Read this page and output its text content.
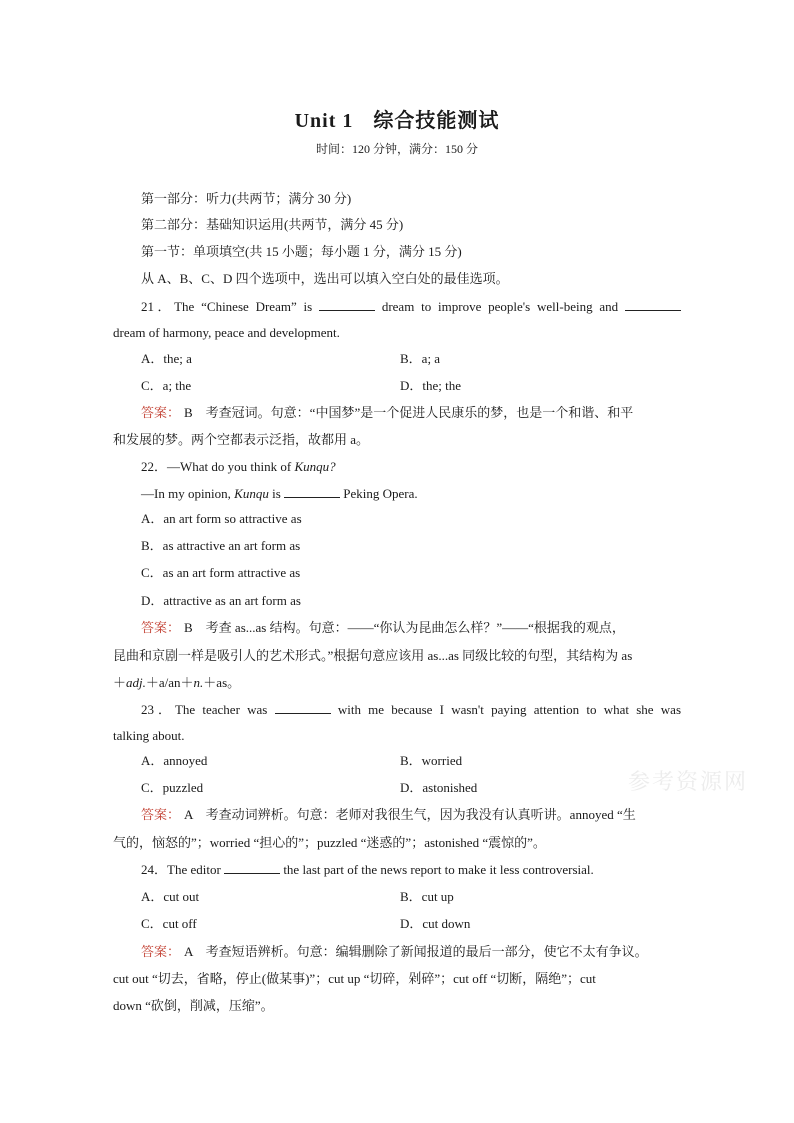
Unit 1 综合技能测试
时间：120 分钟，满分：150 分
第一部分：听力(共两节；满分 30 分)
第二部分：基础知识运用(共两节，满分 45 分)
第一节：单项填空(共 15 小题；每小题 1 分，满分 15 分)
从 A、B、C、D 四个选项中，选出可以填入空白处的最佳选项。
21．The “Chinese Dream” is	dream to improve people's well-being and
dream of harmony, peace and development.
A．the; a	B．a; a
C．a; the	D．the; the
答案： B　考查冠词。句意：“中国梦”是一个促进人民康乐的梦，也是一个和谐、和平
和发展的梦。两个空都表示泛指，故都用 a。
22．—What do you think of Kunqu?
—In my opinion, Kunqu is	Peking Opera.
A．an art form so attractive as
B．as attractive an art form as
C．as an art form attractive as
D．attractive as an art form as
答案： B　考查 as...as 结构。句意：——“你认为昆曲怎么样？”——“根据我的观点，
昆曲和京剧一样是吸引人的艺术形式。”根据句意应该用 as...as 同级比较的句型，其结构为 as
＋adj.＋a/an＋n.＋as。
23．The teacher was	with me because I wasn't paying attention to what she was
talking about.
A．annoyed	B．worried
C．puzzled	D．astonished
答案： A　考查动词辨析。句意：老师对我很生气，因为我没有认真听讲。annoyed “生
气的，恼怒的”；worried “担心的”；puzzled “迷惑的”；astonished “震惊的”。
参考资源网
24．The editor	the last part of the news report to make it less controversial.
A．cut out	B．cut up
C．cut off	D．cut down
答案： A　考查短语辨析。句意：编辑删除了新闻报道的最后一部分，使它不太有争议。
cut out “切去，省略，停止(做某事)”；cut up “切碎，剁碎”；cut off “切断，隔绝”；cut
down “砍倒，削减，压缩”。
